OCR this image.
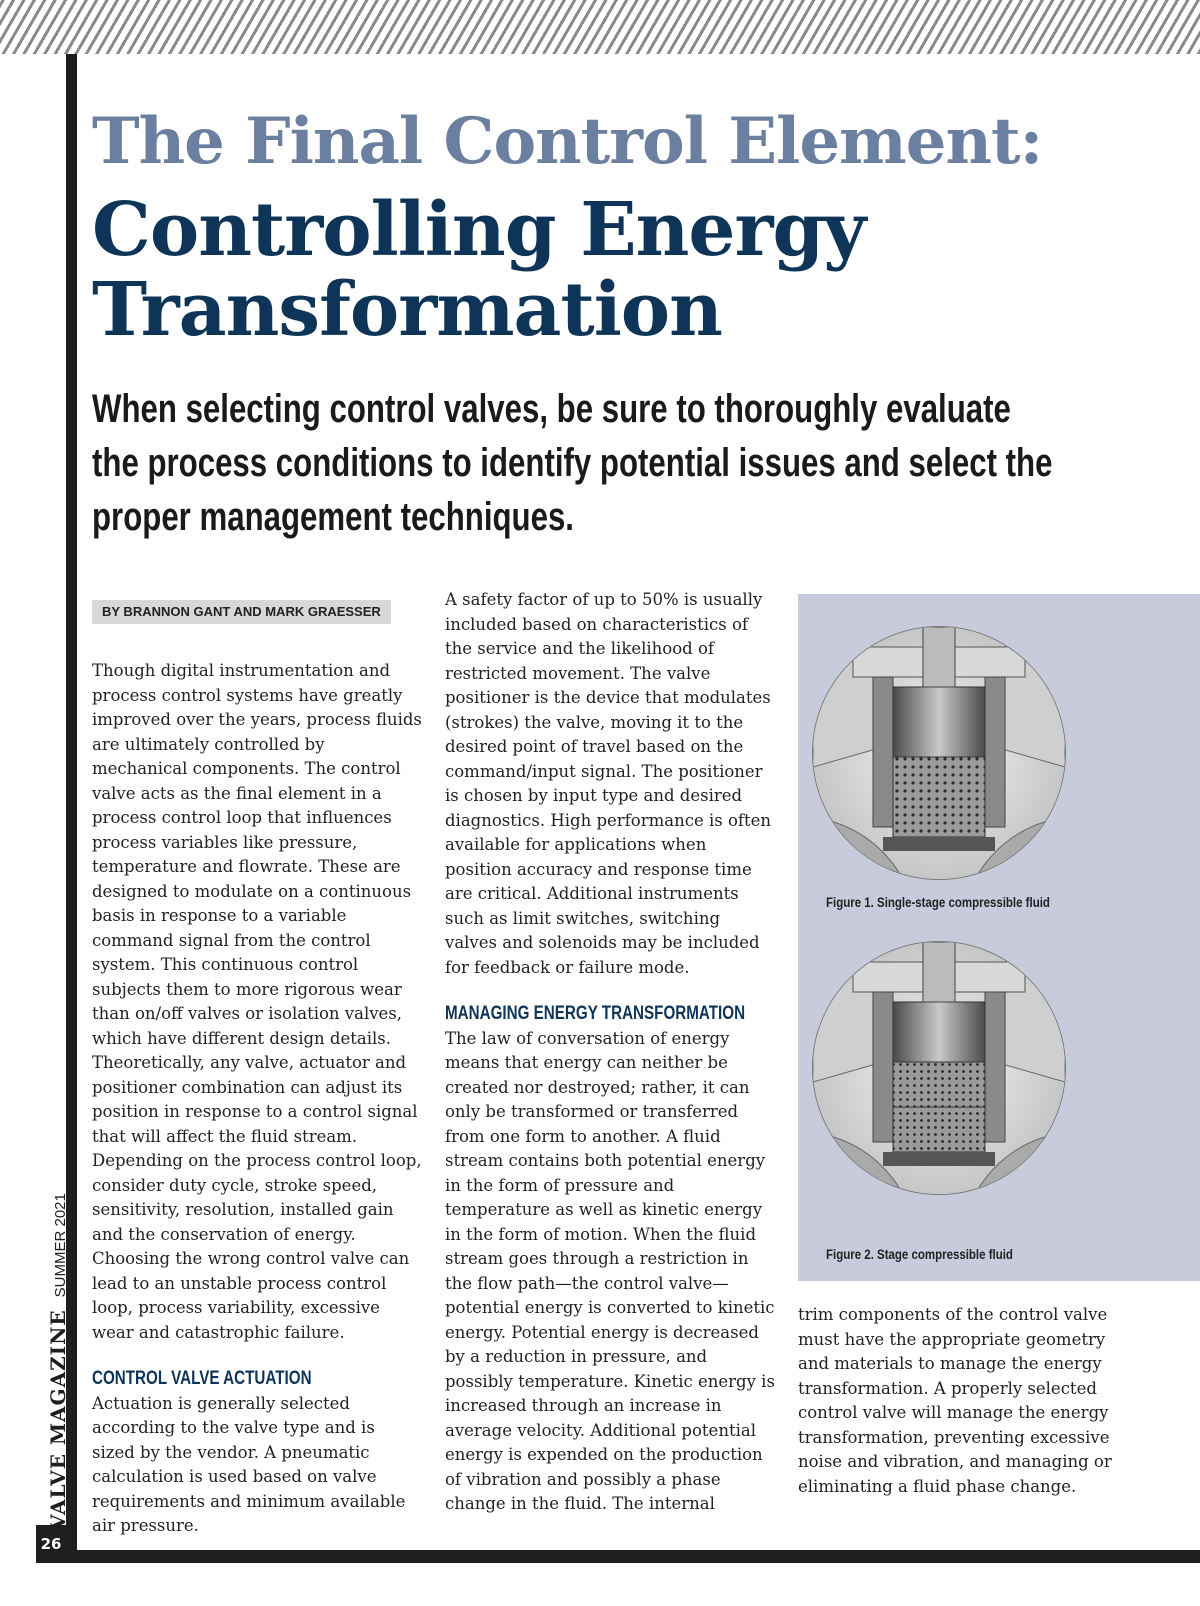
26
VALVE MAGAZINESUMMER 2021
The Final Control Element:
Controlling Energy Transformation
When selecting control valves, be sure to thoroughly evaluate the process conditions to identify potential issues and select the proper management techniques.
BY BRANNON GANT AND MARK GRAESSER

Though digital instrumentation and process control systems have greatly improved over the years, process fluids are ultimately controlled by mechanical components. The control valve acts as the final element in a process control loop that influences process variables like pressure, temperature and flowrate. These are designed to modulate on a continuous basis in response to a variable command signal from the control system. This continuous control subjects them to more rigorous wear than on/off valves or isolation valves, which have different design details. Theoretically, any valve, actuator and positioner combination can adjust its position in response to a control signal that will affect the fluid stream. Depending on the process control loop, consider duty cycle, stroke speed, sensitivity, resolution, installed gain and the conservation of energy. Choosing the wrong control valve can lead to an unstable process control loop, process variability, excessive wear and catastrophic failure.

CONTROL VALVE ACTUATION

Actuation is generally selected according to the valve type and is sized by the vendor. A pneumatic calculation is used based on valve requirements and minimum available air pressure.

A safety factor of up to 50% is usually included based on characteristics of the service and the likelihood of restricted movement. The valve positioner is the device that modulates (strokes) the valve, moving it to the desired point of travel based on the command/input signal. The positioner is chosen by input type and desired diagnostics. High performance is often available for applications when position accuracy and response time are critical. Additional instruments such as limit switches, switching valves and solenoids may be included for feedback or failure mode.

MANAGING ENERGY TRANSFORMATION

The law of conversation of energy means that energy can neither be created nor destroyed; rather, it can only be transformed or transferred from one form to another. A fluid stream contains both potential energy in the form of pressure and temperature as well as kinetic energy in the form of motion. When the fluid stream goes through a restriction in the flow path—the control valve—potential energy is converted to kinetic energy. Potential energy is decreased by a reduction in pressure, and possibly temperature. Kinetic energy is increased through an increase in average velocity. Additional potential energy is expended on the production of vibration and possibly a phase change in the fluid. The internal

Figure 1. Single-stage compressible fluid
Figure 2. Stage compressible fluid

trim components of the control valve must have the appropriate geometry and materials to manage the energy transformation. A properly selected control valve will manage the energy transformation, preventing excessive noise and vibration, and managing or eliminating a fluid phase change.
